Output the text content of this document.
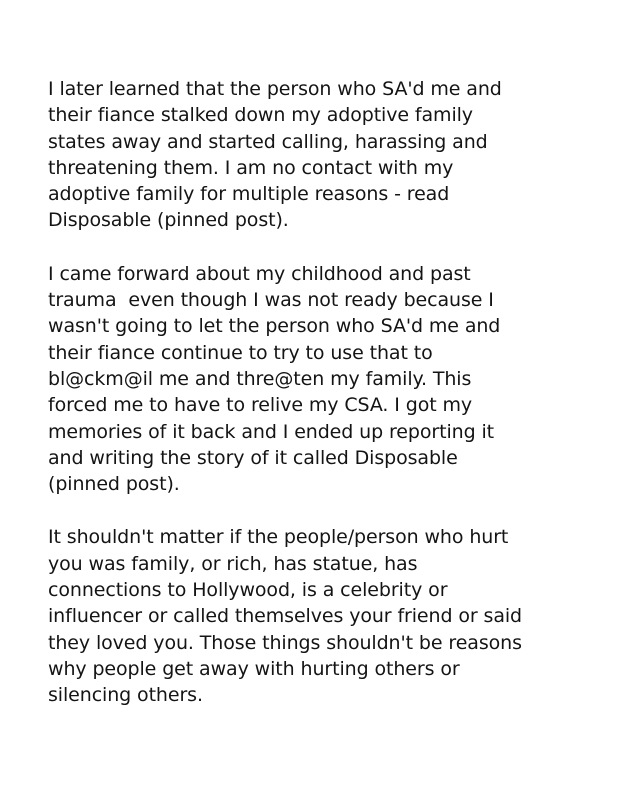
I later learned that the person who SA'd me and
their fiance stalked down my adoptive family
states away and started calling, harassing and
threatening them. I am no contact with my
adoptive family for multiple reasons - read
Disposable (pinned post).

I came forward about my childhood and past
trauma  even though I was not ready because I
wasn't going to let the person who SA'd me and
their fiance continue to try to use that to
bl@ckm@il me and thre@ten my family. This
forced me to have to relive my CSA. I got my
memories of it back and I ended up reporting it
and writing the story of it called Disposable
(pinned post).

It shouldn't matter if the people/person who hurt
you was family, or rich, has statue, has
connections to Hollywood, is a celebrity or
influencer or called themselves your friend or said
they loved you. Those things shouldn't be reasons
why people get away with hurting others or
silencing others.
